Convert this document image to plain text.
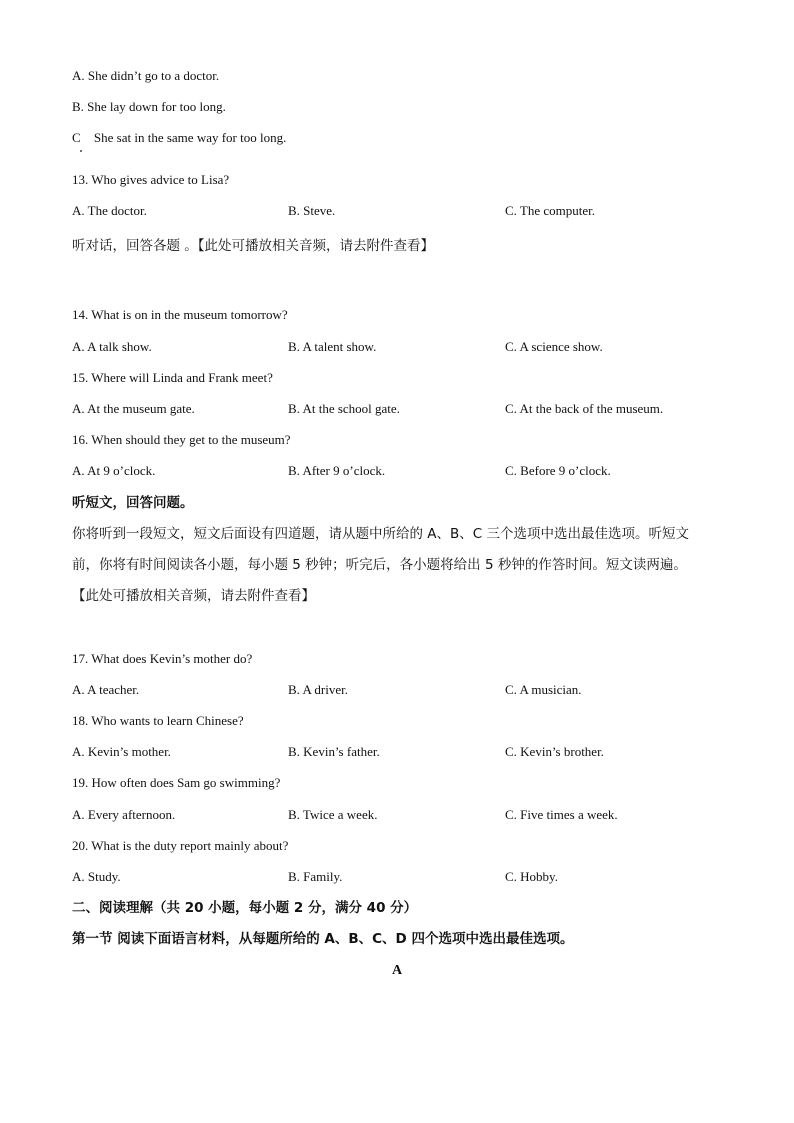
A. She didn’t go to a doctor.
B. She lay down for too long.
C She sat in the same way for too long.
13. Who gives advice to Lisa?
A. The doctor.	B. Steve.	C. The computer.
听对话，回答各题 。【此处可播放相关音频，请去附件查看】
14. What is on in the museum tomorrow?
A. A talk show.	B. A talent show.	C. A science show.
15. Where will Linda and Frank meet?
A. At the museum gate.	B. At the school gate.	C. At the back of the museum.
16. When should they get to the museum?
A. At 9 o’clock.	B. After 9 o’clock.	C. Before 9 o’clock.
听短文，回答问题。
你将听到一段短文，短文后面设有四道题，请从题中所给的 A、B、C 三个选项中选出最佳选项。听短文
前，你将有时间阅读各小题，每小题 5 秒钟；听完后，各小题将给出 5 秒钟的作答时间。短文读两遍。
【此处可播放相关音频，请去附件查看】
17. What does Kevin’s mother do?
A. A teacher.	B. A driver.	C. A musician.
18. Who wants to learn Chinese?
A. Kevin’s mother.	B. Kevin’s father.	C. Kevin’s brother.
19. How often does Sam go swimming?
A. Every afternoon.	B. Twice a week.	C. Five times a week.
20. What is the duty report mainly about?
A. Study.	B. Family.	C. Hobby.
二、阅读理解（共 20 小题，每小题 2 分，满分 40 分）
第一节 阅读下面语言材料，从每题所给的 A、B、C、D 四个选项中选出最佳选项。
A
